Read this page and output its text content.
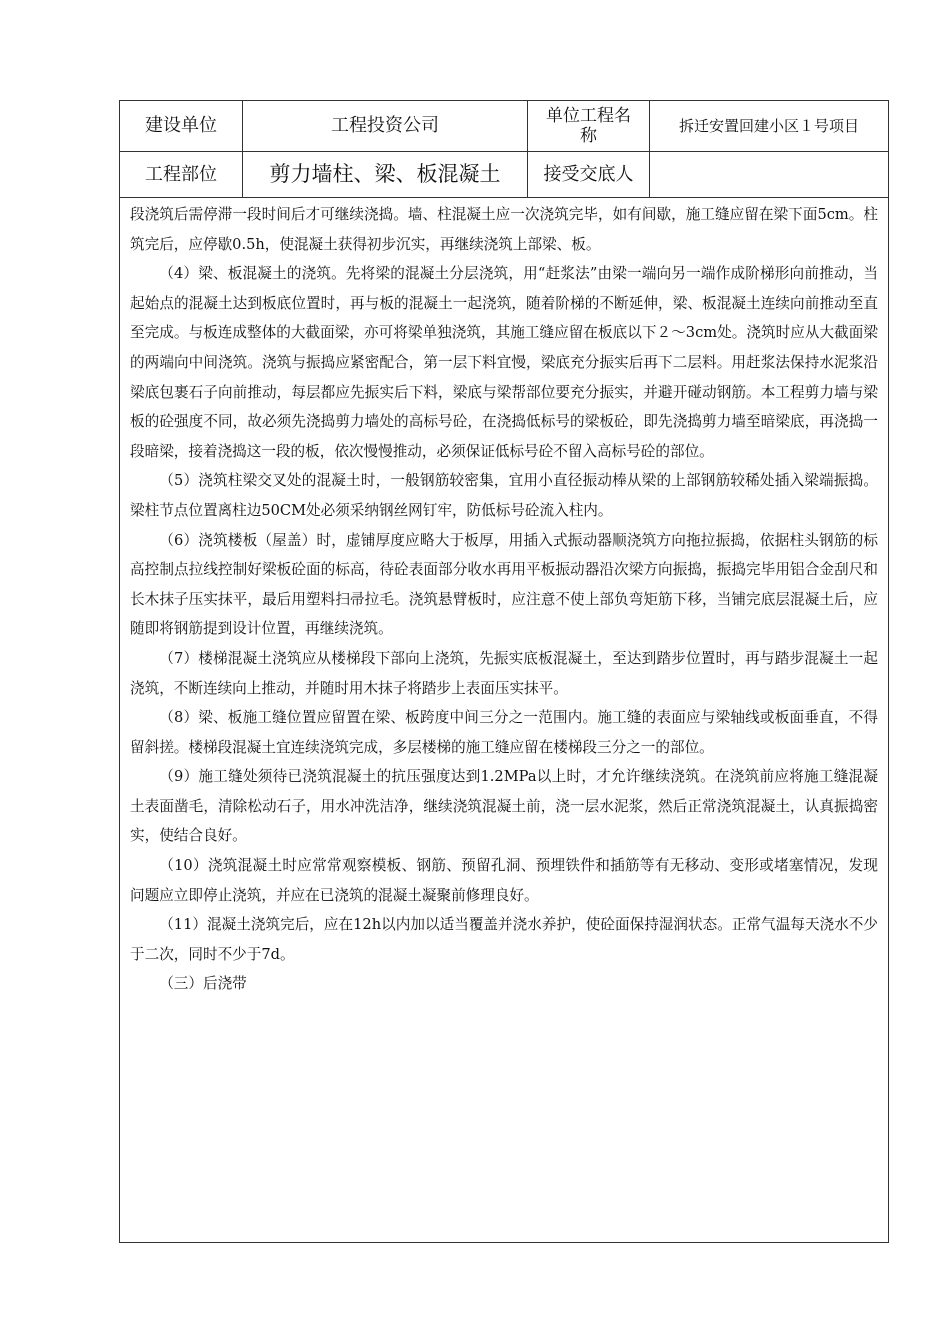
建设单位	工程投资公司	单位工程名称	拆迁安置回建小区１号项目
工程部位	剪力墙柱、梁、板混凝土	接受交底人

段浇筑后需停滞一段时间后才可继续浇捣。墙、柱混凝土应一次浇筑完毕，如有间歇，施工缝应留在梁下面5cm。柱筑完后，应停歇0.5h，使混凝土获得初步沉实，再继续浇筑上部梁、板。

（4）梁、板混凝土的浇筑。先将梁的混凝土分层浇筑，用“赶浆法”由梁一端向另一端作成阶梯形向前推动，当起始点的混凝土达到板底位置时，再与板的混凝土一起浇筑，随着阶梯的不断延伸，梁、板混凝土连续向前推动至直至完成。与板连成整体的大截面梁，亦可将梁单独浇筑，其施工缝应留在板底以下２～3cm处。浇筑时应从大截面梁的两端向中间浇筑。浇筑与振捣应紧密配合，第一层下料宜慢，梁底充分振实后再下二层料。用赶浆法保持水泥浆沿梁底包裹石子向前推动，每层都应先振实后下料，梁底与梁帮部位要充分振实，并避开碰动钢筋。本工程剪力墙与梁板的砼强度不同，故必须先浇捣剪力墙处的高标号砼，在浇捣低标号的梁板砼，即先浇捣剪力墙至暗梁底，再浇捣一段暗梁，接着浇捣这一段的板，依次慢慢推动，必须保证低标号砼不留入高标号砼的部位。

（5）浇筑柱梁交叉处的混凝土时，一般钢筋较密集，宜用小直径振动棒从梁的上部钢筋较稀处插入梁端振捣。梁柱节点位置离柱边50CM处必须采纳钢丝网钉牢，防低标号砼流入柱内。

（6）浇筑楼板（屋盖）时，虚铺厚度应略大于板厚，用插入式振动器顺浇筑方向拖拉振捣，依据柱头钢筋的标高控制点拉线控制好梁板砼面的标高，待砼表面部分收水再用平板振动器沿次梁方向振捣，振捣完毕用铝合金刮尺和长木抹子压实抹平，最后用塑料扫帚拉毛。浇筑悬臂板时，应注意不使上部负弯矩筋下移，当铺完底层混凝土后，应随即将钢筋提到设计位置，再继续浇筑。

（7）楼梯混凝土浇筑应从楼梯段下部向上浇筑，先振实底板混凝土，至达到踏步位置时，再与踏步混凝土一起浇筑，不断连续向上推动，并随时用木抹子将踏步上表面压实抹平。

（8）梁、板施工缝位置应留置在梁、板跨度中间三分之一范围内。施工缝的表面应与梁轴线或板面垂直，不得留斜搓。楼梯段混凝土宜连续浇筑完成，多层楼梯的施工缝应留在楼梯段三分之一的部位。

（9）施工缝处须待已浇筑混凝土的抗压强度达到1.2MPa以上时，才允许继续浇筑。在浇筑前应将施工缝混凝土表面凿毛，清除松动石子，用水冲洗洁净，继续浇筑混凝土前，浇一层水泥浆，然后正常浇筑混凝土，认真振捣密实，使结合良好。

（10）浇筑混凝土时应常常观察模板、钢筋、预留孔洞、预埋铁件和插筋等有无移动、变形或堵塞情况，发现问题应立即停止浇筑，并应在已浇筑的混凝土凝聚前修理良好。

（11）混凝土浇筑完后，应在12h以内加以适当覆盖并浇水养护，使砼面保持湿润状态。正常气温每天浇水不少于二次，同时不少于7d。

（三）后浇带
